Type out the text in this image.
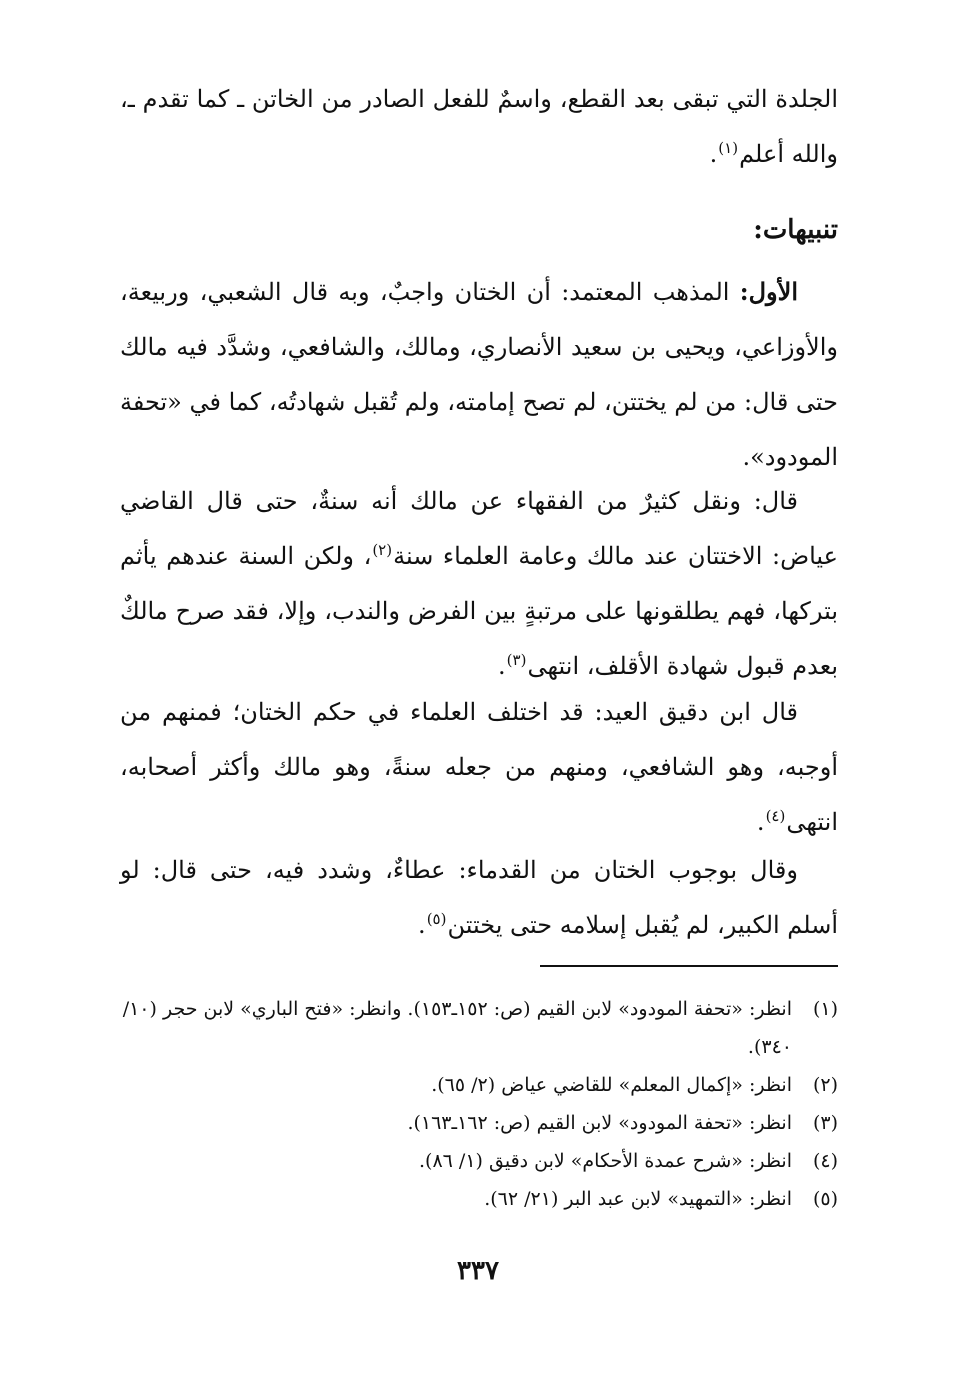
الجلدة التي تبقى بعد القطع، واسمٌ للفعل الصادر من الخاتن ـ كما تقدم ـ، والله أعلم$^{(١)}$.

تنبيهات:

الأول: المذهب المعتمد: أن الختان واجبٌ، وبه قال الشعبي، وربيعة، والأوزاعي، ويحيى بن سعيد الأنصاري، ومالك، والشافعي، وشدَّد فيه مالك حتى قال: من لم يختتن، لم تصح إمامته، ولم تُقبل شهادتُه، كما في «تحفة المودود».

قال: ونقل كثيرٌ من الفقهاء عن مالك أنه سنةٌ، حتى قال القاضي عياض: الاختتان عند مالك وعامة العلماء سنة$^{(٢)}$، ولكن السنة عندهم يأثم بتركها، فهم يطلقونها على مرتبةٍ بين الفرض والندب، وإلا، فقد صرح مالكٌ بعدم قبول شهادة الأقلف، انتهى$^{(٣)}$.

قال ابن دقيق العيد: قد اختلف العلماء في حكم الختان؛ فمنهم من أوجبه، وهو الشافعي، ومنهم من جعله سنةً، وهو مالك وأكثر أصحابه، انتهى$^{(٤)}$.

وقال بوجوب الختان من القدماء: عطاءٌ، وشدد فيه، حتى قال: لو أسلم الكبير، لم يُقبل إسلامه حتى يختتن$^{(٥)}$.

(١)
انظر: «تحفة المودود» لابن القيم (ص: ١٥٢ـ١٥٣). وانظر: «فتح الباري» لابن حجر (١٠/ ٣٤٠).
(٢)
انظر: «إكمال المعلم» للقاضي عياض (٢/ ٦٥).
(٣)
انظر: «تحفة المودود» لابن القيم (ص: ١٦٢ـ١٦٣).
(٤)
انظر: «شرح عمدة الأحكام» لابن دقيق (١/ ٨٦).
(٥)
انظر: «التمهيد» لابن عبد البر (٢١/ ٦٢).
٣٣٧
